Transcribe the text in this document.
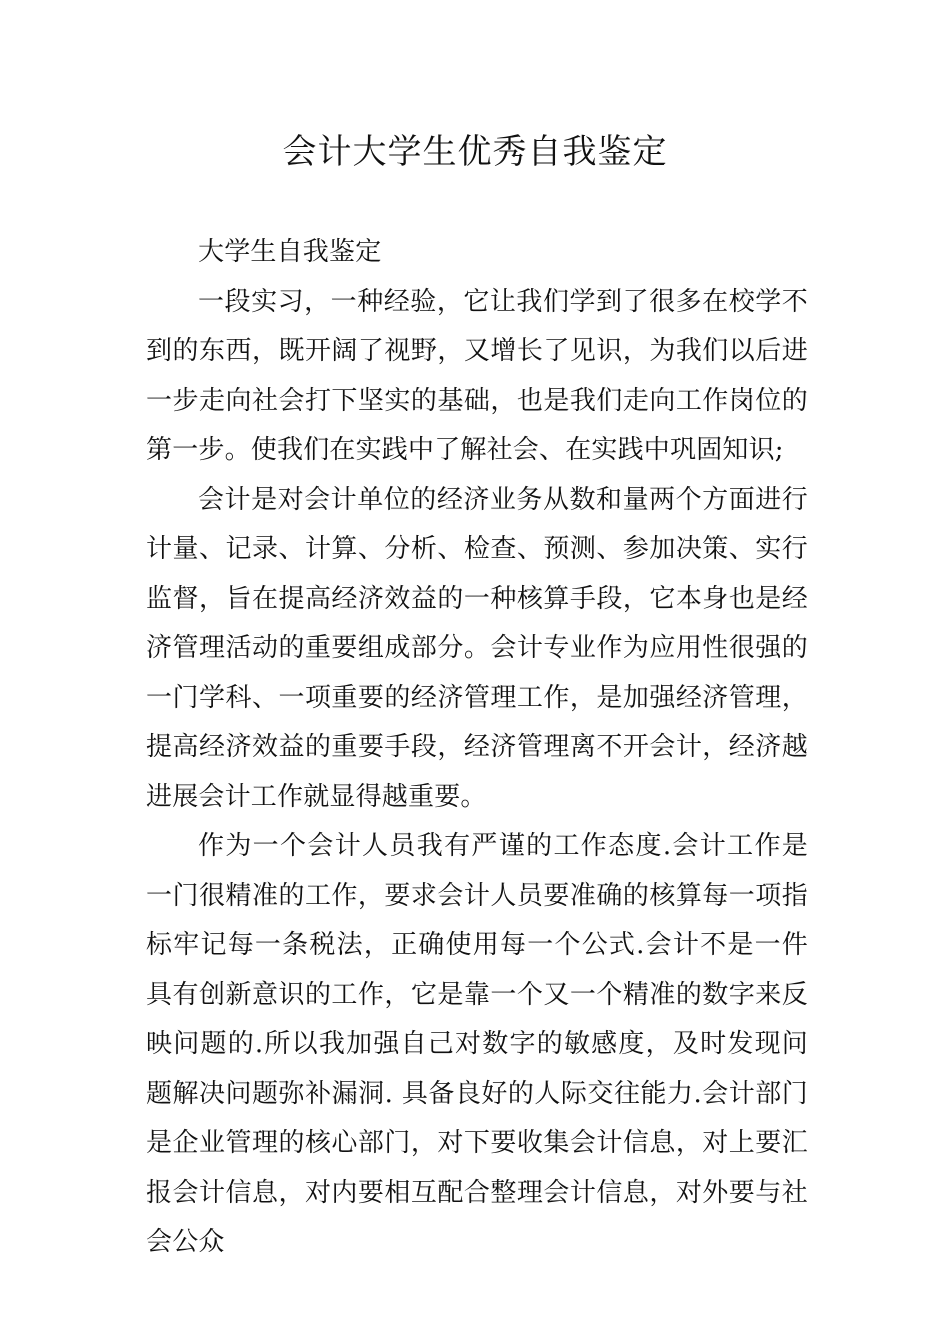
会计大学生优秀自我鉴定

大学生自我鉴定

一段实习，一种经验，它让我们学到了很多在校学不到的东西，既开阔了视野，又增长了见识，为我们以后进一步走向社会打下坚实的基础，也是我们走向工作岗位的第一步。使我们在实践中了解社会、在实践中巩固知识;

会计是对会计单位的经济业务从数和量两个方面进行计量、记录、计算、分析、检查、预测、参加决策、实行监督，旨在提高经济效益的一种核算手段，它本身也是经济管理活动的重要组成部分。会计专业作为应用性很强的一门学科、一项重要的经济管理工作，是加强经济管理，提高经济效益的重要手段，经济管理离不开会计，经济越进展会计工作就显得越重要。

作为一个会计人员我有严谨的工作态度.会计工作是一门很精准的工作，要求会计人员要准确的核算每一项指标牢记每一条税法，正确使用每一个公式.会计不是一件具有创新意识的工作，它是靠一个又一个精准的数字来反映问题的.所以我加强自己对数字的敏感度，及时发现问题解决问题弥补漏洞. 具备良好的人际交往能力.会计部门是企业管理的核心部门，对下要收集会计信息，对上要汇报会计信息，对内要相互配合整理会计信息，对外要与社会公众
